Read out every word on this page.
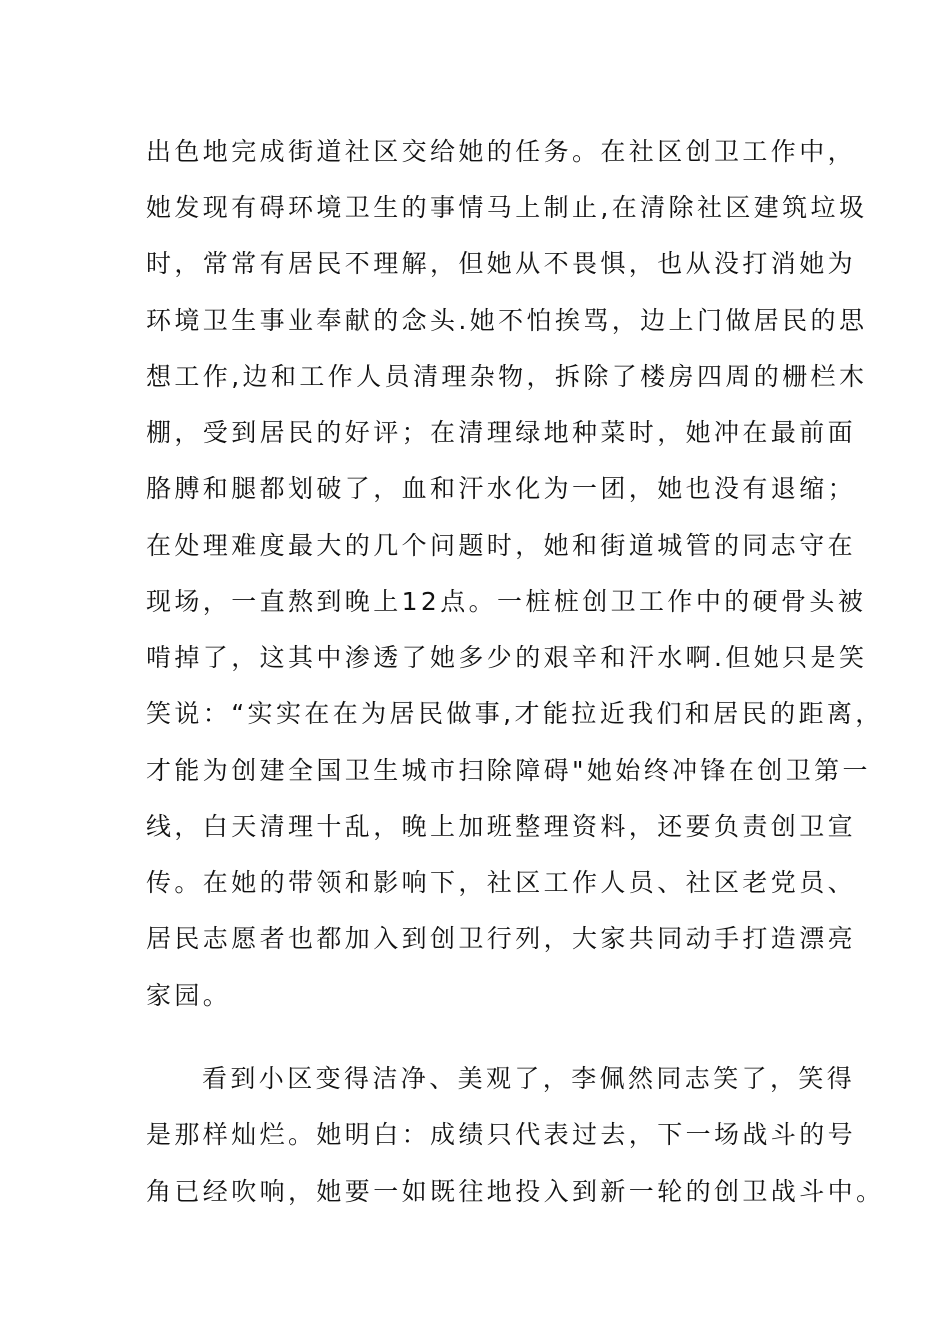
出色地完成街道社区交给她的任务。在社区创卫工作中，
她发现有碍环境卫生的事情马上制止,在清除社区建筑垃圾
时，常常有居民不理解，但她从不畏惧，也从没打消她为
环境卫生事业奉献的念头.她不怕挨骂，边上门做居民的思
想工作,边和工作人员清理杂物，拆除了楼房四周的栅栏木
棚，受到居民的好评；在清理绿地种菜时，她冲在最前面
胳膊和腿都划破了，血和汗水化为一团，她也没有退缩；
在处理难度最大的几个问题时，她和街道城管的同志守在
现场，一直熬到晚上12点。一桩桩创卫工作中的硬骨头被
啃掉了，这其中渗透了她多少的艰辛和汗水啊.但她只是笑
笑说：“实实在在为居民做事,才能拉近我们和居民的距离，
才能为创建全国卫生城市扫除障碍"她始终冲锋在创卫第一
线，白天清理十乱，晚上加班整理资料，还要负责创卫宣
传。在她的带领和影响下，社区工作人员、社区老党员、
居民志愿者也都加入到创卫行列，大家共同动手打造漂亮
家园。
看到小区变得洁净、美观了，李佩然同志笑了，笑得
是那样灿烂。她明白：成绩只代表过去，下一场战斗的号
角已经吹响，她要一如既往地投入到新一轮的创卫战斗中。
